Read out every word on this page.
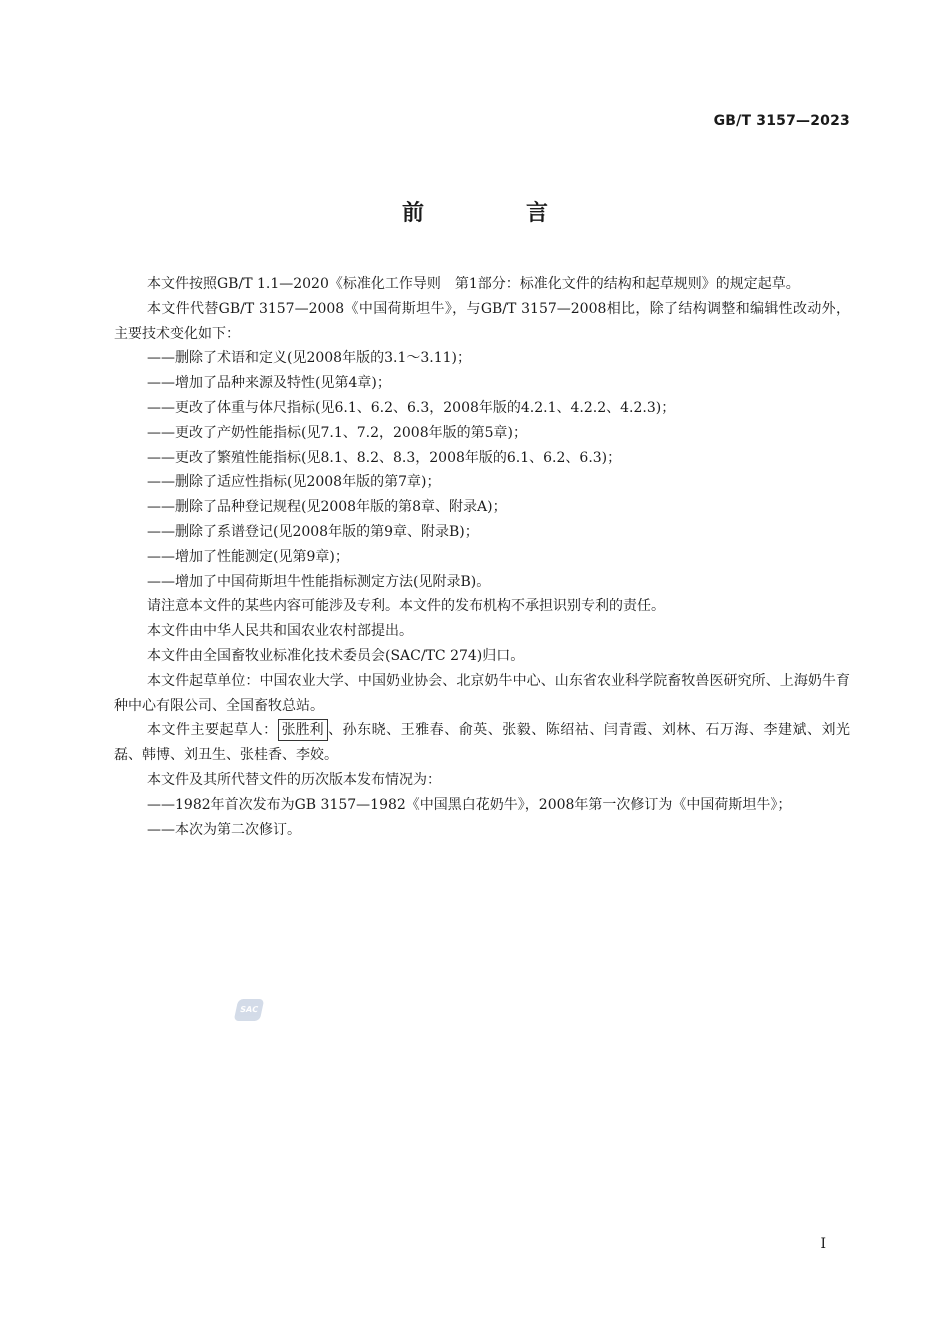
GB/T 3157—2023
前　言

本文件按照GB/T 1.1—2020《标准化工作导则　第1部分：标准化文件的结构和起草规则》的规定起草。

本文件代替GB/T 3157—2008《中国荷斯坦牛》，与GB/T 3157—2008相比，除了结构调整和编辑性改动外，主要技术变化如下：

——删除了术语和定义(见2008年版的3.1～3.11)；

——增加了品种来源及特性(见第4章)；

——更改了体重与体尺指标(见6.1、6.2、6.3，2008年版的4.2.1、4.2.2、4.2.3)；

——更改了产奶性能指标(见7.1、7.2，2008年版的第5章)；

——更改了繁殖性能指标(见8.1、8.2、8.3，2008年版的6.1、6.2、6.3)；

——删除了适应性指标(见2008年版的第7章)；

——删除了品种登记规程(见2008年版的第8章、附录A)；

——删除了系谱登记(见2008年版的第9章、附录B)；

——增加了性能测定(见第9章)；

——增加了中国荷斯坦牛性能指标测定方法(见附录B)。

请注意本文件的某些内容可能涉及专利。本文件的发布机构不承担识别专利的责任。

本文件由中华人民共和国农业农村部提出。

本文件由全国畜牧业标准化技术委员会(SAC/TC 274)归口。

本文件起草单位：中国农业大学、中国奶业协会、北京奶牛中心、山东省农业科学院畜牧兽医研究所、上海奶牛育种中心有限公司、全国畜牧总站。

本文件主要起草人： 张胜利 、孙东晓、王雅春、俞英、张毅、陈绍祜、闫青霞、刘林、石万海、李建斌、刘光磊、韩博、刘丑生、张桂香、李姣。

本文件及其所代替文件的历次版本发布情况为：

——1982年首次发布为GB 3157—1982《中国黑白花奶牛》，2008年第一次修订为《中国荷斯坦牛》；

——本次为第二次修订。

SAC
I
